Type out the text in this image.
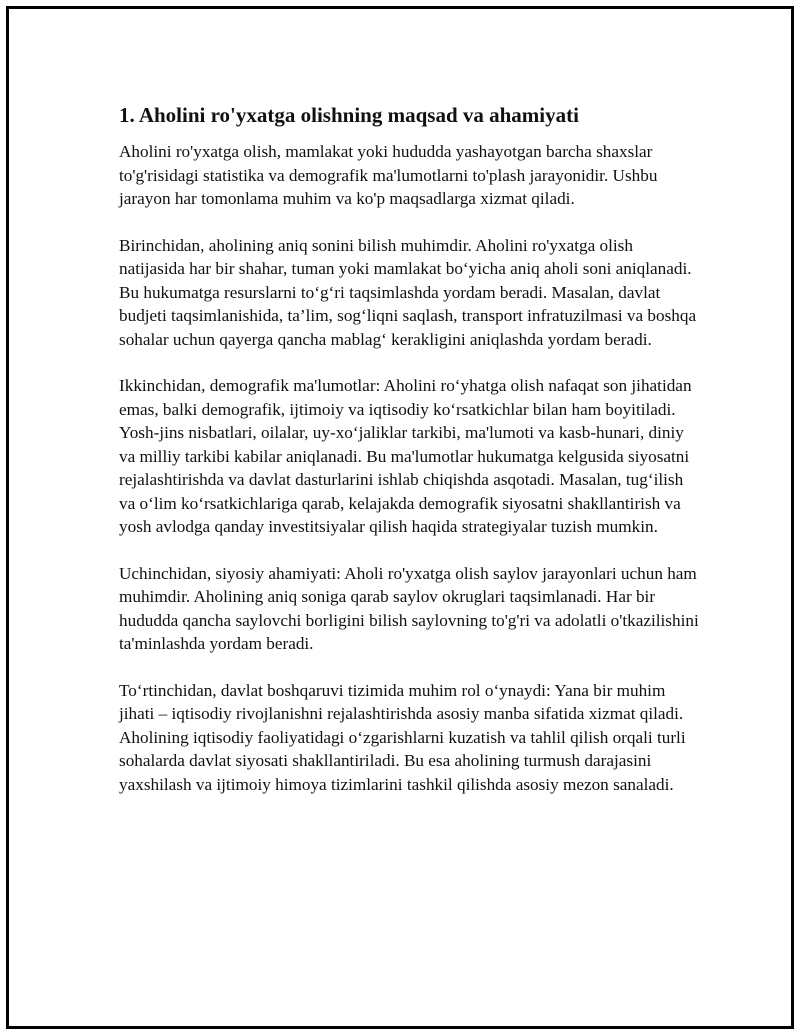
1. Aholini ro'yxatga olishning maqsad va ahamiyati

Aholini ro'yxatga olish, mamlakat yoki hududda yashayotgan barcha shaxslar to'g'risidagi statistika va demografik ma'lumotlarni to'plash jarayonidir. Ushbu jarayon har tomonlama muhim va ko'p maqsadlarga xizmat qiladi.

Birinchidan, aholining aniq sonini bilish muhimdir. Aholini ro'yxatga olish natijasida har bir shahar, tuman yoki mamlakat bo‘yicha aniq aholi soni aniqlanadi. Bu hukumatga resurslarni to‘g‘ri taqsimlashda yordam beradi. Masalan, davlat budjeti taqsimlanishida, ta’lim, sog‘liqni saqlash, transport infratuzilmasi va boshqa sohalar uchun qayerga qancha mablag‘ kerakligini aniqlashda yordam beradi.

Ikkinchidan, demografik ma'lumotlar: Aholini ro‘yhatga olish nafaqat son jihatidan emas, balki demografik, ijtimoiy va iqtisodiy ko‘rsatkichlar bilan ham boyitiladi. Yosh-jins nisbatlari, oilalar, uy-xo‘jaliklar tarkibi, ma'lumoti va kasb-hunari, diniy va milliy tarkibi kabilar aniqlanadi. Bu ma'lumotlar hukumatga kelgusida siyosatni rejalashtirishda va davlat dasturlarini ishlab chiqishda asqotadi. Masalan, tug‘ilish va o‘lim ko‘rsatkichlariga qarab, kelajakda demografik siyosatni shakllantirish va yosh avlodga qanday investitsiyalar qilish haqida strategiyalar tuzish mumkin.

Uchinchidan, siyosiy ahamiyati: Aholi ro'yxatga olish saylov jarayonlari uchun ham muhimdir. Aholining aniq soniga qarab saylov okruglari taqsimlanadi. Har bir hududda qancha saylovchi borligini bilish saylovning to'g'ri va adolatli o'tkazilishini ta'minlashda yordam beradi.

To‘rtinchidan, davlat boshqaruvi tizimida muhim rol o‘ynaydi: Yana bir muhim jihati – iqtisodiy rivojlanishni rejalashtirishda asosiy manba sifatida xizmat qiladi. Aholining iqtisodiy faoliyatidagi o‘zgarishlarni kuzatish va tahlil qilish orqali turli sohalarda davlat siyosati shakllantiriladi. Bu esa aholining turmush darajasini yaxshilash va ijtimoiy himoya tizimlarini tashkil qilishda asosiy mezon sanaladi.
